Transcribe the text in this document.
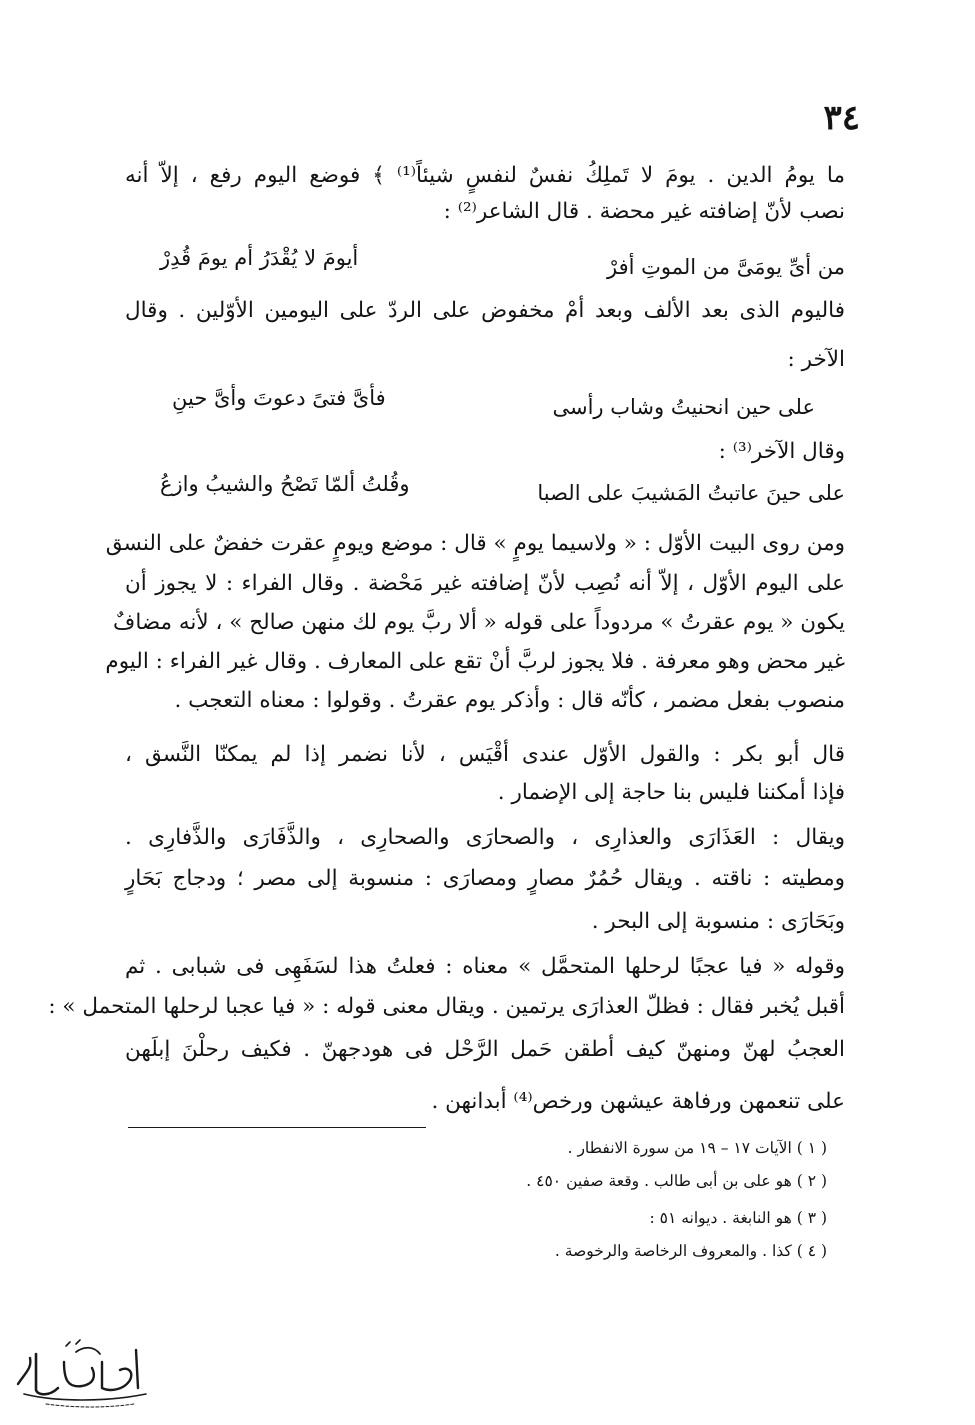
٣٤
ما يومُ الدين . يومَ لا تَملِكُ نفسٌ لنفسٍ شيئاً⁽¹⁾ ﴾ فوضع اليوم رفع ، إلاّ أنه
نصب لأنّ إضافته غير محضة . قال الشاعر⁽²⁾ :
من أىِّ يومَىَّ من الموتِ أفرْ
أيومَ لا يُقْدَرُ أم يومَ قُدِرْ
فاليوم الذى بعد الألف وبعد أمْ مخفوض على الردّ على اليومين الأوّلين . وقال
الآخر :
على حين انحنيتُ وشاب رأسى
فأىَّ فتىً دعوتَ وأىَّ حينِ
وقال الآخر⁽³⁾ :
على حينَ عاتبتُ المَشيبَ على الصبا
وقُلتُ ألمّا تَصْحُ والشيبُ وازعُ
ومن روى البيت الأوّل : « ولاسيما يومٍ » قال : موضع ويومٍ عقرت خفضٌ على النسق
على اليوم الأوّل ، إلاّ أنه نُصِب لأنّ إضافته غير مَحْضة . وقال الفراء : لا يجوز أن
يكون « يوم عقرتُ » مردوداً على قوله « ألا ربَّ يوم لك منهن صالح » ، لأنه مضافٌ
غير محض وهو معرفة . فلا يجوز لربَّ أنْ تقع على المعارف . وقال غير الفراء : اليوم
منصوب بفعل مضمر ، كأنّه قال : وأذكر يوم عقرتُ . وقولوا : معناه التعجب .
قال أبو بكر : والقول الأوّل عندى أقْيَس ، لأنا نضمر إذا لم يمكنّا النَّسق ،
فإذا أمكننا فليس بنا حاجة إلى الإضمار .
ويقال : العَذَارَى والعذارِى ، والصحارَى والصحارِى ، والذَّفَارَى والذَّفارِى .
ومطيته : ناقته . ويقال حُمُرٌ مصارٍ ومصارَى : منسوبة إلى مصر ؛ ودجاج بَحَارٍ
وبَحَارَى : منسوبة إلى البحر .
وقوله « فيا عجبًا لرحلها المتحمَّل » معناه : فعلتُ هذا لسَفَهِى فى شبابى . ثم
أقبل يُخبر فقال : فظلّ العذارَى يرتمين . ويقال معنى قوله : « فيا عجبا لرحلها المتحمل » :
العجبُ لهنّ ومنهنّ كيف أطقن حَمل الرَّحْل فى هودجهنّ . فكيف رحلْنَ إبلَهن
على تنعمهن ورفاهة عيشهن ورخص⁽⁴⁾ أبدانهن .
( ١ ) الآيات ١٧ – ١٩ من سورة الانفطار .
( ٢ ) هو على بن أبى طالب . وقعة صفين ٤٥٠ .
( ٣ ) هو النابغة . ديوانه ٥١ :
( ٤ ) كذا . والمعروف الرخاصة والرخوصة .
